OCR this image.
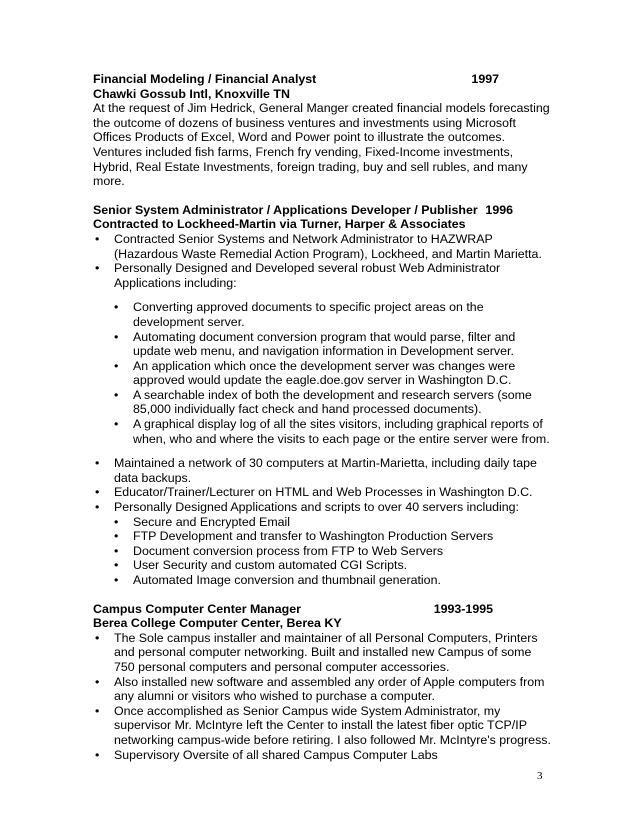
Financial Modeling / Financial Analyst	1997
Chawki Gossub Intl, Knoxville TN
At the request of Jim Hedrick, General Manger created financial models forecasting the outcome of dozens of business ventures and investments using Microsoft Offices Products of Excel, Word and Power point to illustrate the outcomes. Ventures included fish farms, French fry vending, Fixed-Income investments, Hybrid, Real Estate Investments, foreign trading, buy and sell rubles, and many more.
Senior System Administrator / Applications Developer / Publisher 1996
Contracted to Lockheed-Martin via Turner, Harper & Associates
• Contracted Senior Systems and Network Administrator to HAZWRAP (Hazardous Waste Remedial Action Program), Lockheed, and Martin Marietta.
• Personally Designed and Developed several robust Web Administrator Applications including:
• Converting approved documents to specific project areas on the development server.
• Automating document conversion program that would parse, filter and update web menu, and navigation information in Development server.
• An application which once the development server was changes were approved would update the eagle.doe.gov server in Washington D.C.
• A searchable index of both the development and research servers (some 85,000 individually fact check and hand processed documents).
• A graphical display log of all the sites visitors, including graphical reports of when, who and where the visits to each page or the entire server were from.
• Maintained a network of 30 computers at Martin-Marietta, including daily tape data backups.
• Educator/Trainer/Lecturer on HTML and Web Processes in Washington D.C.
• Personally Designed Applications and scripts to over 40 servers including:
• Secure and Encrypted Email
• FTP Development and transfer to Washington Production Servers
• Document conversion process from FTP to Web Servers
• User Security and custom automated CGI Scripts.
• Automated Image conversion and thumbnail generation.
Campus Computer Center Manager	1993-1995
Berea College Computer Center, Berea KY
• The Sole campus installer and maintainer of all Personal Computers, Printers and personal computer networking. Built and installed new Campus of some 750 personal computers and personal computer accessories.
• Also installed new software and assembled any order of Apple computers from any alumni or visitors who wished to purchase a computer.
• Once accomplished as Senior Campus wide System Administrator, my supervisor Mr. McIntyre left the Center to install the latest fiber optic TCP/IP networking campus-wide before retiring. I also followed Mr. McIntyre's progress.
• Supervisory Oversite of all shared Campus Computer Labs
3
